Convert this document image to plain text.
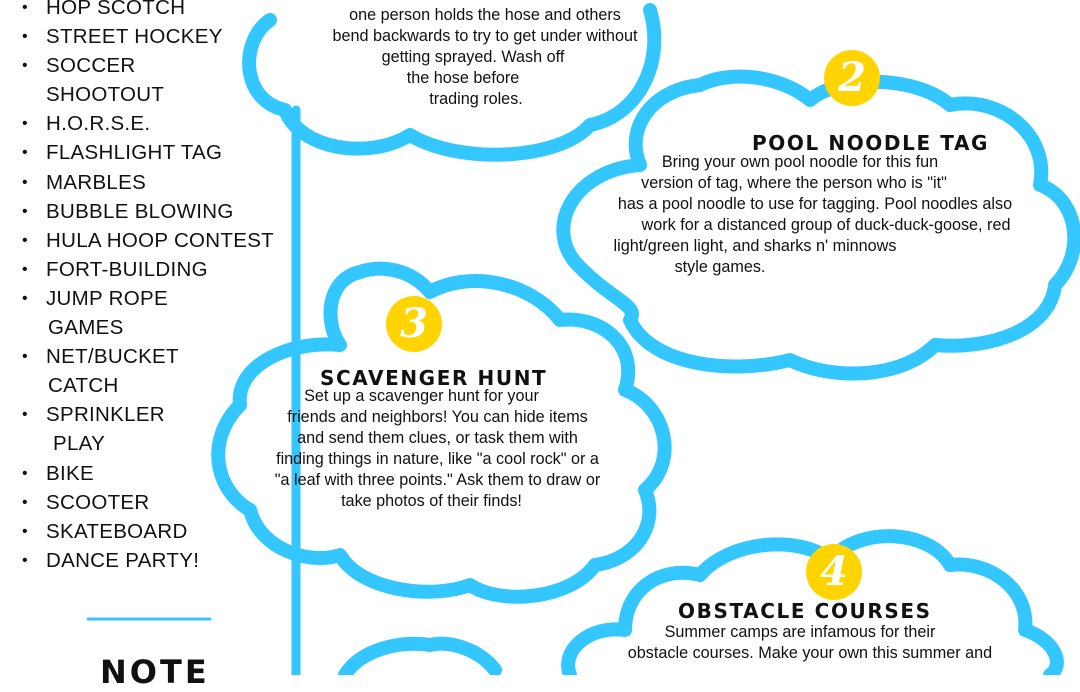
• HOP SCOTCH
• STREET HOCKEY
• SOCCER
SHOOTOUT
• H.O.R.S.E.
• FLASHLIGHT TAG
• MARBLES
• BUBBLE BLOWING
• HULA HOOP CONTEST
• FORT-BUILDING
• JUMP ROPE
GAMES
• NET/BUCKET
CATCH
• SPRINKLER
PLAY
• BIKE
• SCOOTER
• SKATEBOARD
• DANCE PARTY!
NOTE
one person holds the hose and others
bend backwards to try to get under without
getting sprayed. Wash off
the hose before
trading roles.	2
POOL NOODLE TAG
Bring your own pool noodle for this fun
version of tag, where the person who is "it"
has a pool noodle to use for tagging. Pool noodles also
work for a distanced group of duck-duck-goose, red
light/green light, and sharks n' minnows
style games.
3
SCAVENGER HUNT
Set up a scavenger hunt for your
friends and neighbors! You can hide items
and send them clues, or task them with
finding things in nature, like "a cool rock" or a
"a leaf with three points." Ask them to draw or
take photos of their finds!
4
OBSTACLE COURSES
Summer camps are infamous for their
obstacle courses. Make your own this summer and
